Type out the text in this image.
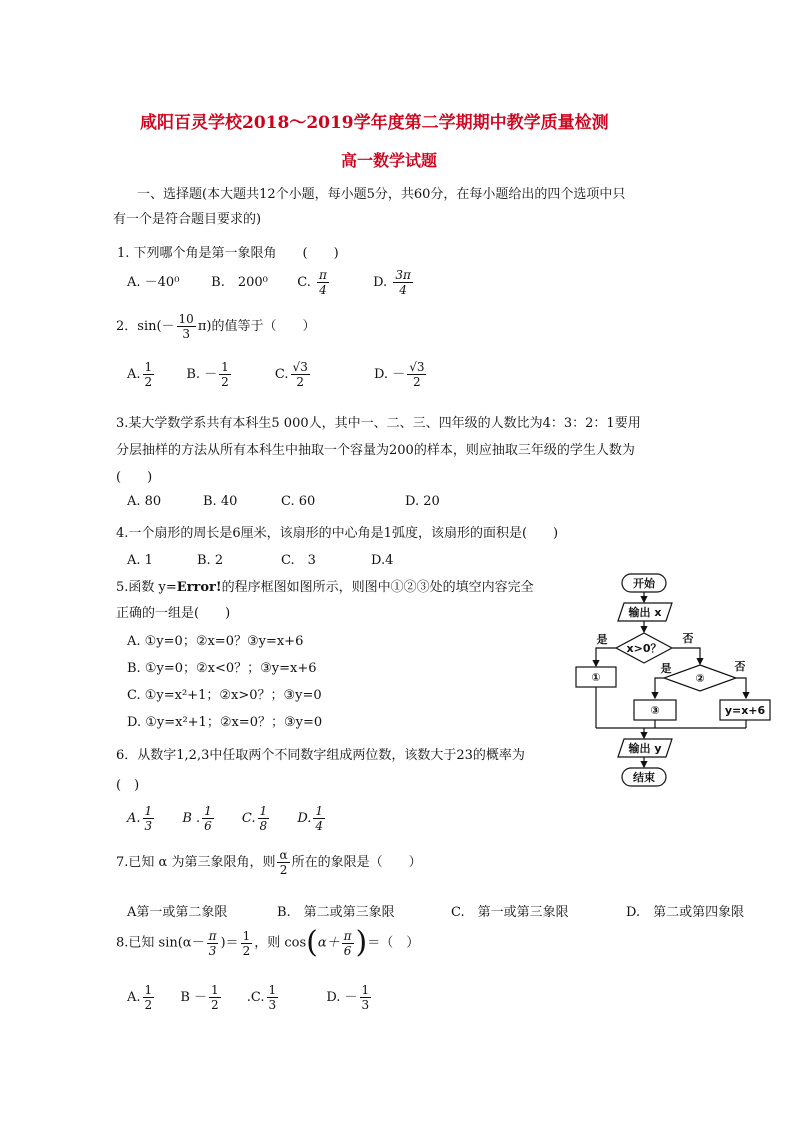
咸阳百灵学校2018～2019学年度第二学期期中教学质量检测
高一数学试题
一、选择题(本大题共12个小题，每小题5分，共60分，在每小题给出的四个选项中只
有一个是符合题目要求的)
1. 下列哪个角是第一象限角　　(　　)
A. －40⁰ B.　200⁰ C. $\frac{\pi}{4}$	D. $\frac{3\pi}{4}$
2．$\sin(- \frac{10}{3} \pi)$的值等于（　　）
A. $\frac{1}{2} B$. － $\frac{1}{2}$	C. $\frac{√3}{2}$	D. － $\frac{√3}{2}$
3.某大学数学系共有本科生5 000人，其中一、二、三、四年级的人数比为4：3：2：1要用
分层抽样的方法从所有本科生中抽取一个容量为200的样本，则应抽取三年级的学生人数为
(　　)
A. 80	B. 40	C. 60	D. 20
4.一个扇形的周长是6厘米，该扇形的中心角是1弧度，该扇形的面积是(　　)
A. 1	B. 2	C.　3	D.4
5.函数 y=Error!的程序框图如图所示，则图中①②③处的填空内容完全
正确的一组是(　　)
A. ①y=0；②x=0？③y=x+6
B. ①y=0；②x<0？；③y=x+6
C. ①y=x²+1；②x>0？；③y=0
D. ①y=x²+1；②x=0？；③y=0
开始
输出 x
x>0？
是	否
①	②
是	否
③	y=x+6
输出 y
结束
6．从数字1,2,3中任取两个不同数字组成两位数，该数大于23的概率为
(　)
A. $\frac{1}{3}$ B . $\frac{1}{6} C$. $\frac{1}{8} D$. $\frac{1}{4}$
7.已知 α 为第三象限角，则 $\frac{\alpha}{2}$ 所在的象限是（　　）
A第一或第二象限	B.　第二或第三象限	C.　第一或第三象限	D.　第二或第四象限
8.已知 $\sin(\alpha- \frac{\pi}{3}$ )＝ $\frac{1}{2}$ ，则 $\cos(\alpha+ \frac{\pi}{6}$ )＝（　）
A. $\frac{1}{2}$ $B - \frac{1}{2} .C$. $\frac{1}{3}$	D. － $\frac{1}{3}$
